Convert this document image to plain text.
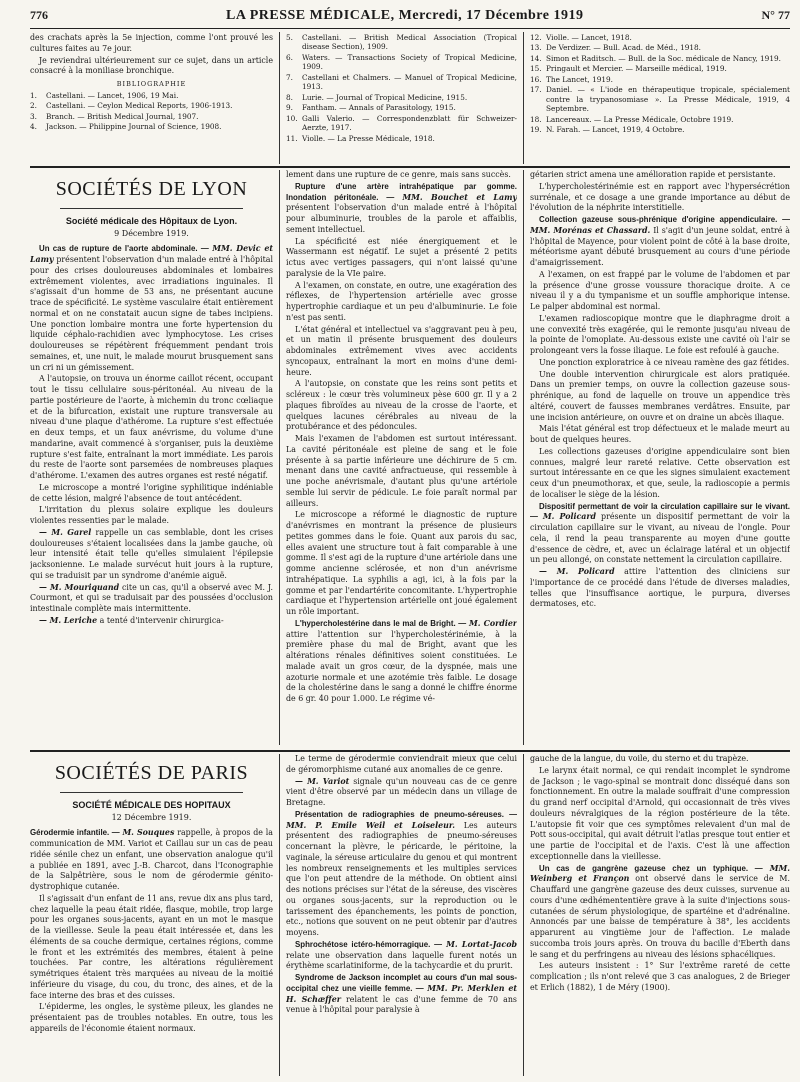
776	LA PRESSE MÉDICALE, Mercredi, 17 Décembre 1919	N° 77

des crachats après la 5e injection, comme l'ont prouvé les cultures faites au 7e jour.

Je reviendrai ultérieurement sur ce sujet, dans un article consacré à la moniliase bronchique.

BIBLIOGRAPHIE

1. Castellani. — Lancet, 1906, 19 Mai.

2. Castellani. — Ceylon Medical Reports, 1906-1913.

3. Branch. — British Medical Journal, 1907.

4. Jackson. — Philippine Journal of Science, 1908.

5. Castellani. — British Medical Association (Tropical disease Section), 1909.

6. Waters. — Transactions Society of Tropical Medicine, 1909.

7. Castellani et Chalmers. — Manuel of Tropical Medicine, 1913.

8. Lurie. — Journal of Tropical Medicine, 1915.

9. Fantham. — Annals of Parasitology, 1915.

10. Galli Valerio. — Correspondenzblatt für Schweizer-Aerzte, 1917.

11. Violle. — La Presse Médicale, 1918.

12. Violle. — Lancet, 1918.

13. De Verdizer. — Bull. Acad. de Méd., 1918.

14. Simon et Raditsch. — Bull. de la Soc. médicale de Nancy, 1919.

15. Pringault et Mercier. — Marseille médical, 1919.

16. The Lancet, 1919.

17. Daniel. — « L'iode en thérapeutique tropicale, spécialement contre la trypanosomiase ». La Presse Médicale, 1919, 4 Septembre.

18. Lancereaux. — La Presse Médicale, Octobre 1919.

19. N. Farah. — Lancet, 1919, 4 Octobre.

SOCIÉTÉS DE LYON
Société médicale des Hôpitaux de Lyon.
9 Décembre 1919.

Un cas de rupture de l'aorte abdominale. — MM. Devic et Lamy présentent l'observation d'un malade entré à l'hôpital pour des crises douloureuses abdominales et lombaires extrêmement violentes, avec irradiations inguinales. Il s'agissait d'un homme de 53 ans, ne présentant aucune trace de spécificité. Le système vasculaire était entièrement normal et on ne constatait aucun signe de tabes incipiens. Une ponction lombaire montra une forte hypertension du liquide céphalo-rachidien avec lymphocytose. Les crises douloureuses se répétèrent fréquemment pendant trois semaines, et, une nuit, le malade mourut brusquement sans un cri ni un gémissement.

A l'autopsie, on trouva un énorme caillot récent, occupant tout le tissu cellulaire sous-péritonéal. Au niveau de la partie postérieure de l'aorte, à michemin du tronc cœliaque et de la bifurcation, existait une rupture transversale au niveau d'une plaque d'athérome. La rupture s'est effectuée en deux temps, et un faux anévrisme, du volume d'une mandarine, avait commencé à s'organiser, puis la deuxième rupture s'est faite, entraînant la mort immédiate. Les parois du reste de l'aorte sont parsemées de nombreuses plaques d'athérome. L'examen des autres organes est resté négatif.

Le microscope a montré l'origine syphilitique indéniable de cette lésion, malgré l'absence de tout antécédent.

L'irritation du plexus solaire explique les douleurs violentes ressenties par le malade.

— M. Garel rappelle un cas semblable, dont les crises douloureuses s'étaient localisées dans la jambe gauche, où leur intensité était telle qu'elles simulaient l'épilepsie jacksonienne. Le malade survécut huit jours à la rupture, qui se traduisit par un syndrome d'anémie aiguë.

— M. Mouriquand cite un cas, qu'il a observé avec M. J. Courmont, et qui se traduisait par des poussées d'occlusion intestinale complète mais intermittente.

— M. Leriche a tenté d'intervenir chirurgica-

lement dans une rupture de ce genre, mais sans succès.

Rupture d'une artère intrahépatique par gomme. Inondation péritonéale. — MM. Bouchet et Lamy présentent l'observation d'un malade entré à l'hôpital pour albuminurie, troubles de la parole et affaiblis, sement intellectuel.

La spécificité est niée énergiquement et le Wassermann est négatif. Le sujet a présenté 2 petits ictus avec vertiges passagers, qui n'ont laissé qu'une paralysie de la VIe paire.

A l'examen, on constate, en outre, une exagération des réflexes, de l'hypertension artérielle avec grosse hypertrophie cardiaque et un peu d'albuminurie. Le foie n'est pas senti.

L'état général et intellectuel va s'aggravant peu à peu, et un matin il présente brusquement des douleurs abdominales extrêmement vives avec accidents syncopaux, entraînant la mort en moins d'une demi-heure.

A l'autopsie, on constate que les reins sont petits et scléreux : le cœur très volumineux pèse 600 gr. Il y a 2 plaques fibroïdes au niveau de la crosse de l'aorte, et quelques lacunes cérébrales au niveau de la protubérance et des pédoncules.

Mais l'examen de l'abdomen est surtout intéressant. La cavité péritonéale est pleine de sang et le foie présente à sa partie inférieure une déchirure de 5 cm. menant dans une cavité anfractueuse, qui ressemble à une poche anévrismale, d'autant plus qu'une artériole semble lui servir de pédicule. Le foie paraît normal par ailleurs.

Le microscope a réformé le diagnostic de rupture d'anévrismes en montrant la présence de plusieurs petites gommes dans le foie. Quant aux parois du sac, elles avaient une structure tout à fait comparable à une gomme. Il s'est agi de la rupture d'une artériole dans une gomme ancienne sclérosée, et non d'un anévrisme intrahépatique. La syphilis a agi, ici, à la fois par la gomme et par l'endartérite concomitante. L'hypertrophie cardiaque et l'hypertension artérielle ont joué également un rôle important.

L'hypercholestérine dans le mal de Bright. — M. Cordier attire l'attention sur l'hypercholestérinémie, à la première phase du mal de Bright, avant que les altérations rénales définitives soient constituées. Le malade avait un gros cœur, de la dyspnée, mais une azoturie normale et une azotémie très faible. Le dosage de la cholestérine dans le sang a donné le chiffre énorme de 6 gr. 40 pour 1.000. Le régime vé-

gétarien strict amena une amélioration rapide et persistante.

L'hypercholestérinémie est en rapport avec l'hypersécrétion surrénale, et ce dosage a une grande importance au début de l'évolution de la néphrite interstitielle.

Collection gazeuse sous-phrénique d'origine appendiculaire. — MM. Morénas et Chassard. Il s'agit d'un jeune soldat, entré à l'hôpital de Mayence, pour violent point de côté à la base droite, météorisme ayant débuté brusquement au cours d'une période d'amaigrissement.

A l'examen, on est frappé par le volume de l'abdomen et par la présence d'une grosse voussure thoracique droite. A ce niveau il y a du tympanisme et un souffle amphorique intense. Le palper abdominal est normal.

L'examen radioscopique montre que le diaphragme droit a une convexité très exagérée, qui le remonte jusqu'au niveau de la pointe de l'omoplate. Au-dessous existe une cavité où l'air se prolongeant vers la fosse iliaque. Le foie est refoulé à gauche.

Une ponction exploratrice à ce niveau ramène des gaz fétides.

Une double intervention chirurgicale est alors pratiquée. Dans un premier temps, on ouvre la collection gazeuse sous-phrénique, au fond de laquelle on trouve un appendice très altéré, couvert de fausses membranes verdâtres. Ensuite, par une incision antérieure, on ouvre et on draine un abcès iliaque.

Mais l'état général est trop défectueux et le malade meurt au bout de quelques heures.

Les collections gazeuses d'origine appendiculaire sont bien connues, malgré leur rareté relative. Cette observation est surtout intéressante en ce que les signes simulaient exactement ceux d'un pneumothorax, et que, seule, la radioscopie a permis de localiser le siège de la lésion.

Dispositif permettant de voir la circulation capillaire sur le vivant. — M. Policard présente un dispositif permettant de voir la circulation capillaire sur le vivant, au niveau de l'ongle. Pour cela, il rend la peau transparente au moyen d'une goutte d'essence de cèdre, et, avec un éclairage latéral et un objectif un peu allongé, on constate nettement la circulation capillaire.

— M. Policard attire l'attention des cliniciens sur l'importance de ce procédé dans l'étude de diverses maladies, telles que l'insuffisance aortique, le purpura, diverses dermatoses, etc.

SOCIÉTÉS DE PARIS
SOCIÉTÉ MÉDICALE DES HOPITAUX
12 Décembre 1919.

Gérodermie infantile. — M. Souques rappelle, à propos de la communication de MM. Variot et Caillau sur un cas de peau ridée sénile chez un enfant, une observation analogue qu'il a publiée en 1891, avec J.-B. Charcot, dans l'Iconographie de la Salpêtrière, sous le nom de gérodermie génito-dystrophique cutanée.

Il s'agissait d'un enfant de 11 ans, revue dix ans plus tard, chez laquelle la peau était ridée, flasque, mobile, trop large pour les organes sous-jacents, ayant en un mot le masque de la vieillesse. Seule la peau était intéressée et, dans les éléments de sa couche dermique, certaines régions, comme le front et les extrémités des membres, étaient à peine touchées. Par contre, les altérations régulièrement symétriques étaient très marquées au niveau de la moitié inférieure du visage, du cou, du tronc, des aines, et de la face interne des bras et des cuisses.

L'épiderme, les ongles, le système pileux, les glandes ne présentaient pas de troubles notables. En outre, tous les appareils de l'économie étaient normaux.

Le terme de gérodermie conviendrait mieux que celui de géromorphisme cutané aux anomalies de ce genre.

— M. Variot signale qu'un nouveau cas de ce genre vient d'être observé par un médecin dans un village de Bretagne.

Présentation de radiographies de pneumo-séreuses. — MM. P. Emile Weil et Loiseleur. Les auteurs présentent des radiographies de pneumo-séreuses concernant la plèvre, le péricarde, le péritoine, la vaginale, la séreuse articulaire du genou et qui montrent les nombreux renseignements et les multiples services que l'on peut attendre de la méthode. On obtient ainsi des notions précises sur l'état de la séreuse, des viscères ou organes sous-jacents, sur la reproduction ou le tarissement des épanchements, les points de ponction, etc., notions que souvent on ne peut obtenir par d'autres moyens.

Sphrochétose ictéro-hémorragique. — M. Lortat-Jacob relate une observation dans laquelle furent notés un érythème scarlatiniforme, de la tachycardie et du prurit.

Syndrome de Jackson incomplet au cours d'un mal sous-occipital chez une vieille femme. — MM. Pr. Merklen et H. Schæffer relatent le cas d'une femme de 70 ans venue à l'hôpital pour paralysie à

gauche de la langue, du voile, du sterno et du trapèze.

Le larynx était normal, ce qui rendait incomplet le syndrome de Jackson ; le vago-spinal se montrait donc disséqué dans son fonctionnement. En outre la malade souffrait d'une compression du grand nerf occipital d'Arnold, qui occasionnait de très vives douleurs névralgiques de la région postérieure de la tête. L'autopsie fit voir que ces symptômes relevaient d'un mal de Pott sous-occipital, qui avait détruit l'atlas presque tout entier et une partie de l'occipital et de l'axis. C'est là une affection exceptionnelle dans la vieillesse.

Un cas de gangrène gazeuse chez un typhique. — MM. Weinberg et Françon ont observé dans le service de M. Chauffard une gangrène gazeuse des deux cuisses, survenue au cours d'une œdhémententière grave à la suite d'injections sous-cutanées de sérum physiologique, de spartéine et d'adrénaline. Annoncés par une baisse de température à 38°, les accidents apparurent au vingtième jour de l'affection. Le malade succomba trois jours après. On trouva du bacille d'Eberth dans le sang et du perfringens au niveau des lésions sphacéliques.

Les auteurs insistent : 1° Sur l'extrême rareté de cette complication ; ils n'ont relevé que 3 cas analogues, 2 de Brieger et Erlich (1882), 1 de Méry (1900).
